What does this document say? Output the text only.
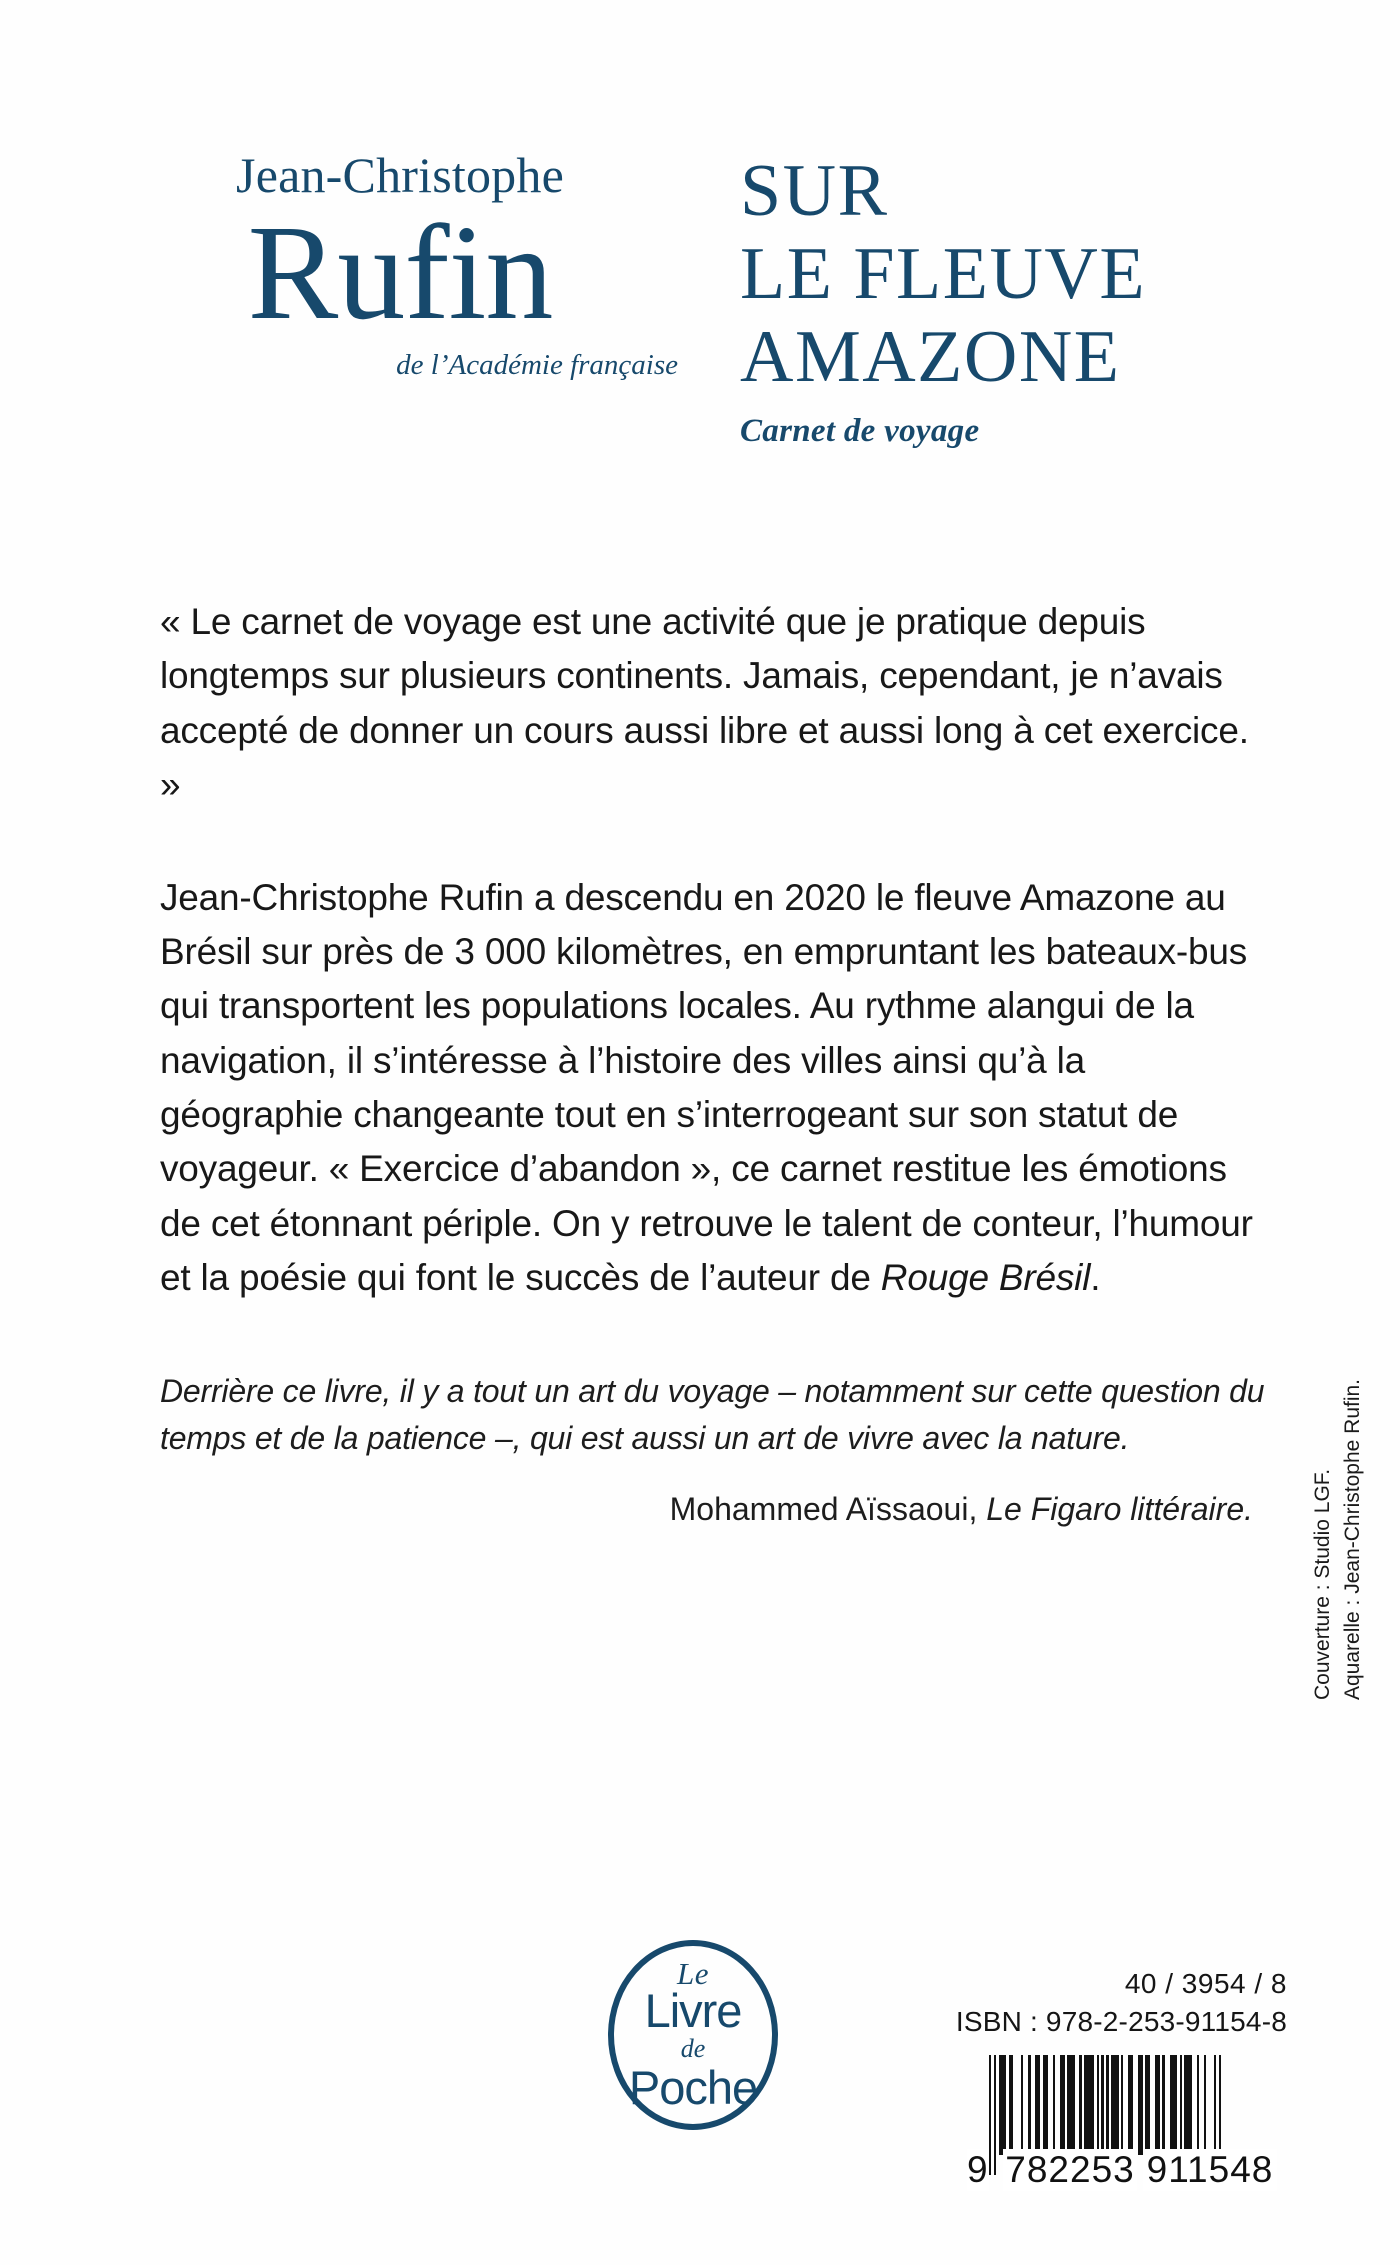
Jean-Christophe
Rufin
de l’Académie française
SUR
LE FLEUVE
AMAZONE
Carnet de voyage

« Le carnet de voyage est une activité que je pratique depuis longtemps sur plusieurs continents. Jamais, cependant, je n’avais accepté de donner un cours aussi libre et aussi long à cet exercice. »

Jean-Christophe Rufin a descendu en 2020 le fleuve Amazone au Brésil sur près de 3 000 kilomètres, en empruntant les bateaux-bus qui transportent les populations locales. Au rythme alangui de la navigation, il s’intéresse à l’histoire des villes ainsi qu’à la géographie changeante tout en s’interrogeant sur son statut de voyageur. « Exercice d’abandon », ce carnet restitue les émotions de cet étonnant périple. On y retrouve le talent de conteur, l’humour et la poésie qui font le succès de l’auteur de Rouge Brésil.

Derrière ce livre, il y a tout un art du voyage – notamment sur cette question du temps et de la patience –, qui est aussi un art de vivre avec la nature.

Mohammed Aïssaoui, Le Figaro littéraire.
Le
Livre
de
Poche
40 / 3954 / 8
ISBN : 978-2-253-91154-8
9 782253 911548
Couverture : Studio LGF. Aquarelle : Jean-Christophe Rufin.
